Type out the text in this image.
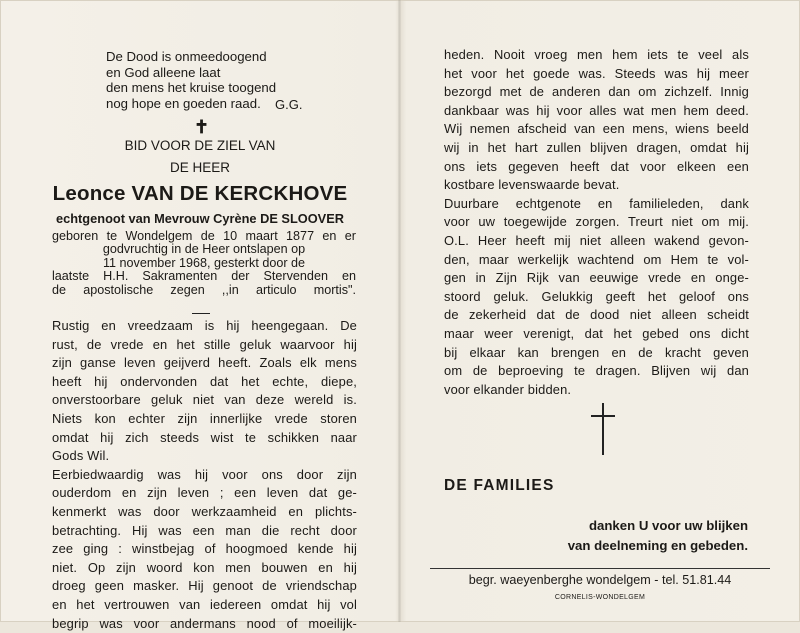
De Dood is onmeedoogend
en God alleene laat
den mens het kruise toogend
nog hope en goeden raad.	G.G.
✝
BID VOOR DE ZIEL VAN
DE HEER
Leonce VAN DE KERCKHOVE
echtgenoot van Mevrouw Cyrène DE SLOOVER
geboren te Wondelgem de 10 maart 1877 en er
godvruchtig in de Heer ontslapen op
11 november 1968, gesterkt door de
laatste H.H. Sakramenten der Stervenden en
de apostolische zegen ,,in articulo mortis".
Rustig en vreedzaam is hij heengegaan. De
rust, de vrede en het stille geluk waarvoor hij
zijn ganse leven geijverd heeft. Zoals elk mens
heeft hij ondervonden dat het echte, diepe,
onverstoorbare geluk niet van deze wereld is.
Niets kon echter zijn innerlijke vrede storen
omdat hij zich steeds wist te schikken naar
Gods Wil.
Eerbiedwaardig was hij voor ons door zijn
ouderdom en zijn leven ; een leven dat ge-
kenmerkt was door werkzaamheid en plichts-
betrachting. Hij was een man die recht door
zee ging : winstbejag of hoogmoed kende hij
niet. Op zijn woord kon men bouwen en hij
droeg geen masker. Hij genoot de vriendschap
en het vertrouwen van iedereen omdat hij vol
begrip was voor andermans nood of moeilijk-
heden. Nooit vroeg men hem iets te veel als
het voor het goede was. Steeds was hij meer
bezorgd met de anderen dan om zichzelf. Innig
dankbaar was hij voor alles wat men hem deed.
Wij nemen afscheid van een mens, wiens beeld
wij in het hart zullen blijven dragen, omdat hij
ons iets gegeven heeft dat voor elkeen een
kostbare levenswaarde bevat.
Duurbare echtgenote en familieleden, dank
voor uw toegewijde zorgen. Treurt niet om mij.
O.L. Heer heeft mij niet alleen wakend gevon-
den, maar werkelijk wachtend om Hem te vol-
gen in Zijn Rijk van eeuwige vrede en onge-
stoord geluk. Gelukkig geeft het geloof ons
de zekerheid dat de dood niet alleen scheidt
maar weer verenigt, dat het gebed ons dicht
bij elkaar kan brengen en de kracht geven
om de beproeving te dragen. Blijven wij dan
voor elkander bidden.
DE FAMILIES
danken U voor uw blijken
van deelneming en gebeden.
begr. waeyenberghe wondelgem - tel. 51.81.44
CORNELIS-WONDELGEM
